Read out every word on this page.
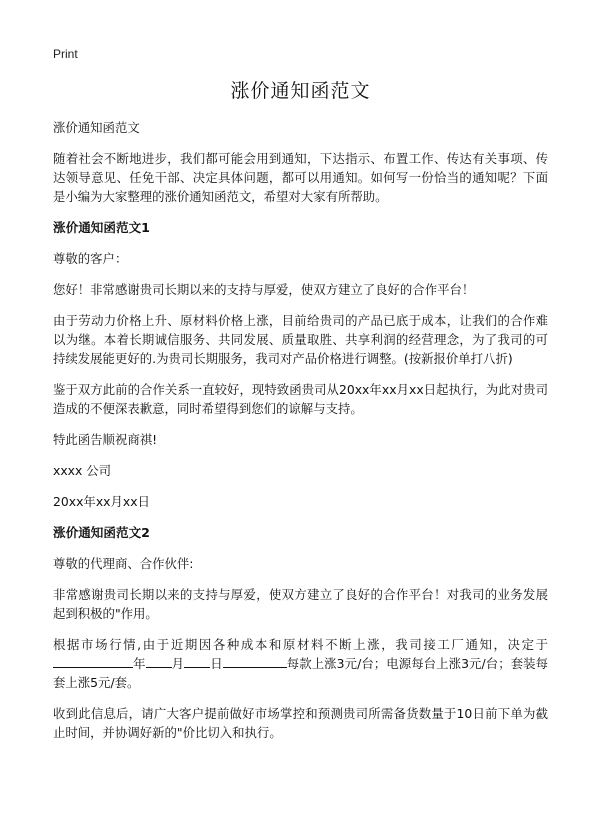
Print
涨价通知函范文

涨价通知函范文

随着社会不断地进步，我们都可能会用到通知，下达指示、布置工作、传达有关事项、传达领导意见、任免干部、决定具体问题，都可以用通知。如何写一份恰当的通知呢？下面是小编为大家整理的涨价通知函范文，希望对大家有所帮助。

涨价通知函范文1

尊敬的客户：

您好！非常感谢贵司长期以来的支持与厚爱，使双方建立了良好的合作平台！

由于劳动力价格上升、原材料价格上涨，目前给贵司的产品已底于成本，让我们的合作难以为继。本着长期诚信服务、共同发展、质量取胜、共享利润的经营理念，为了我司的可持续发展能更好的.为贵司长期服务，我司对产品价格进行调整。(按新报价单打八折)

鉴于双方此前的合作关系一直较好，现特致函贵司从20xx年xx月xx日起执行，为此对贵司造成的不便深表歉意，同时希望得到您们的谅解与支持。

特此函告顺祝商祺!

xxxx 公司

20xx年xx月xx日

涨价通知函范文2

尊敬的代理商、合作伙伴:

非常感谢贵司长期以来的支持与厚爱，使双方建立了良好的合作平台！对我司的业务发展起到积极的"作用。

根据市场行情,由于近期因各种成本和原材料不断上涨，我司接工厂通知，决定于年 月 日	每款上涨3元/台；电源每台上涨3元/台；套装每套上涨5元/套。

收到此信息后，请广大客户提前做好市场掌控和预测贵司所需备货数量于10日前下单为截止时间，并协调好新的"价比切入和执行。
